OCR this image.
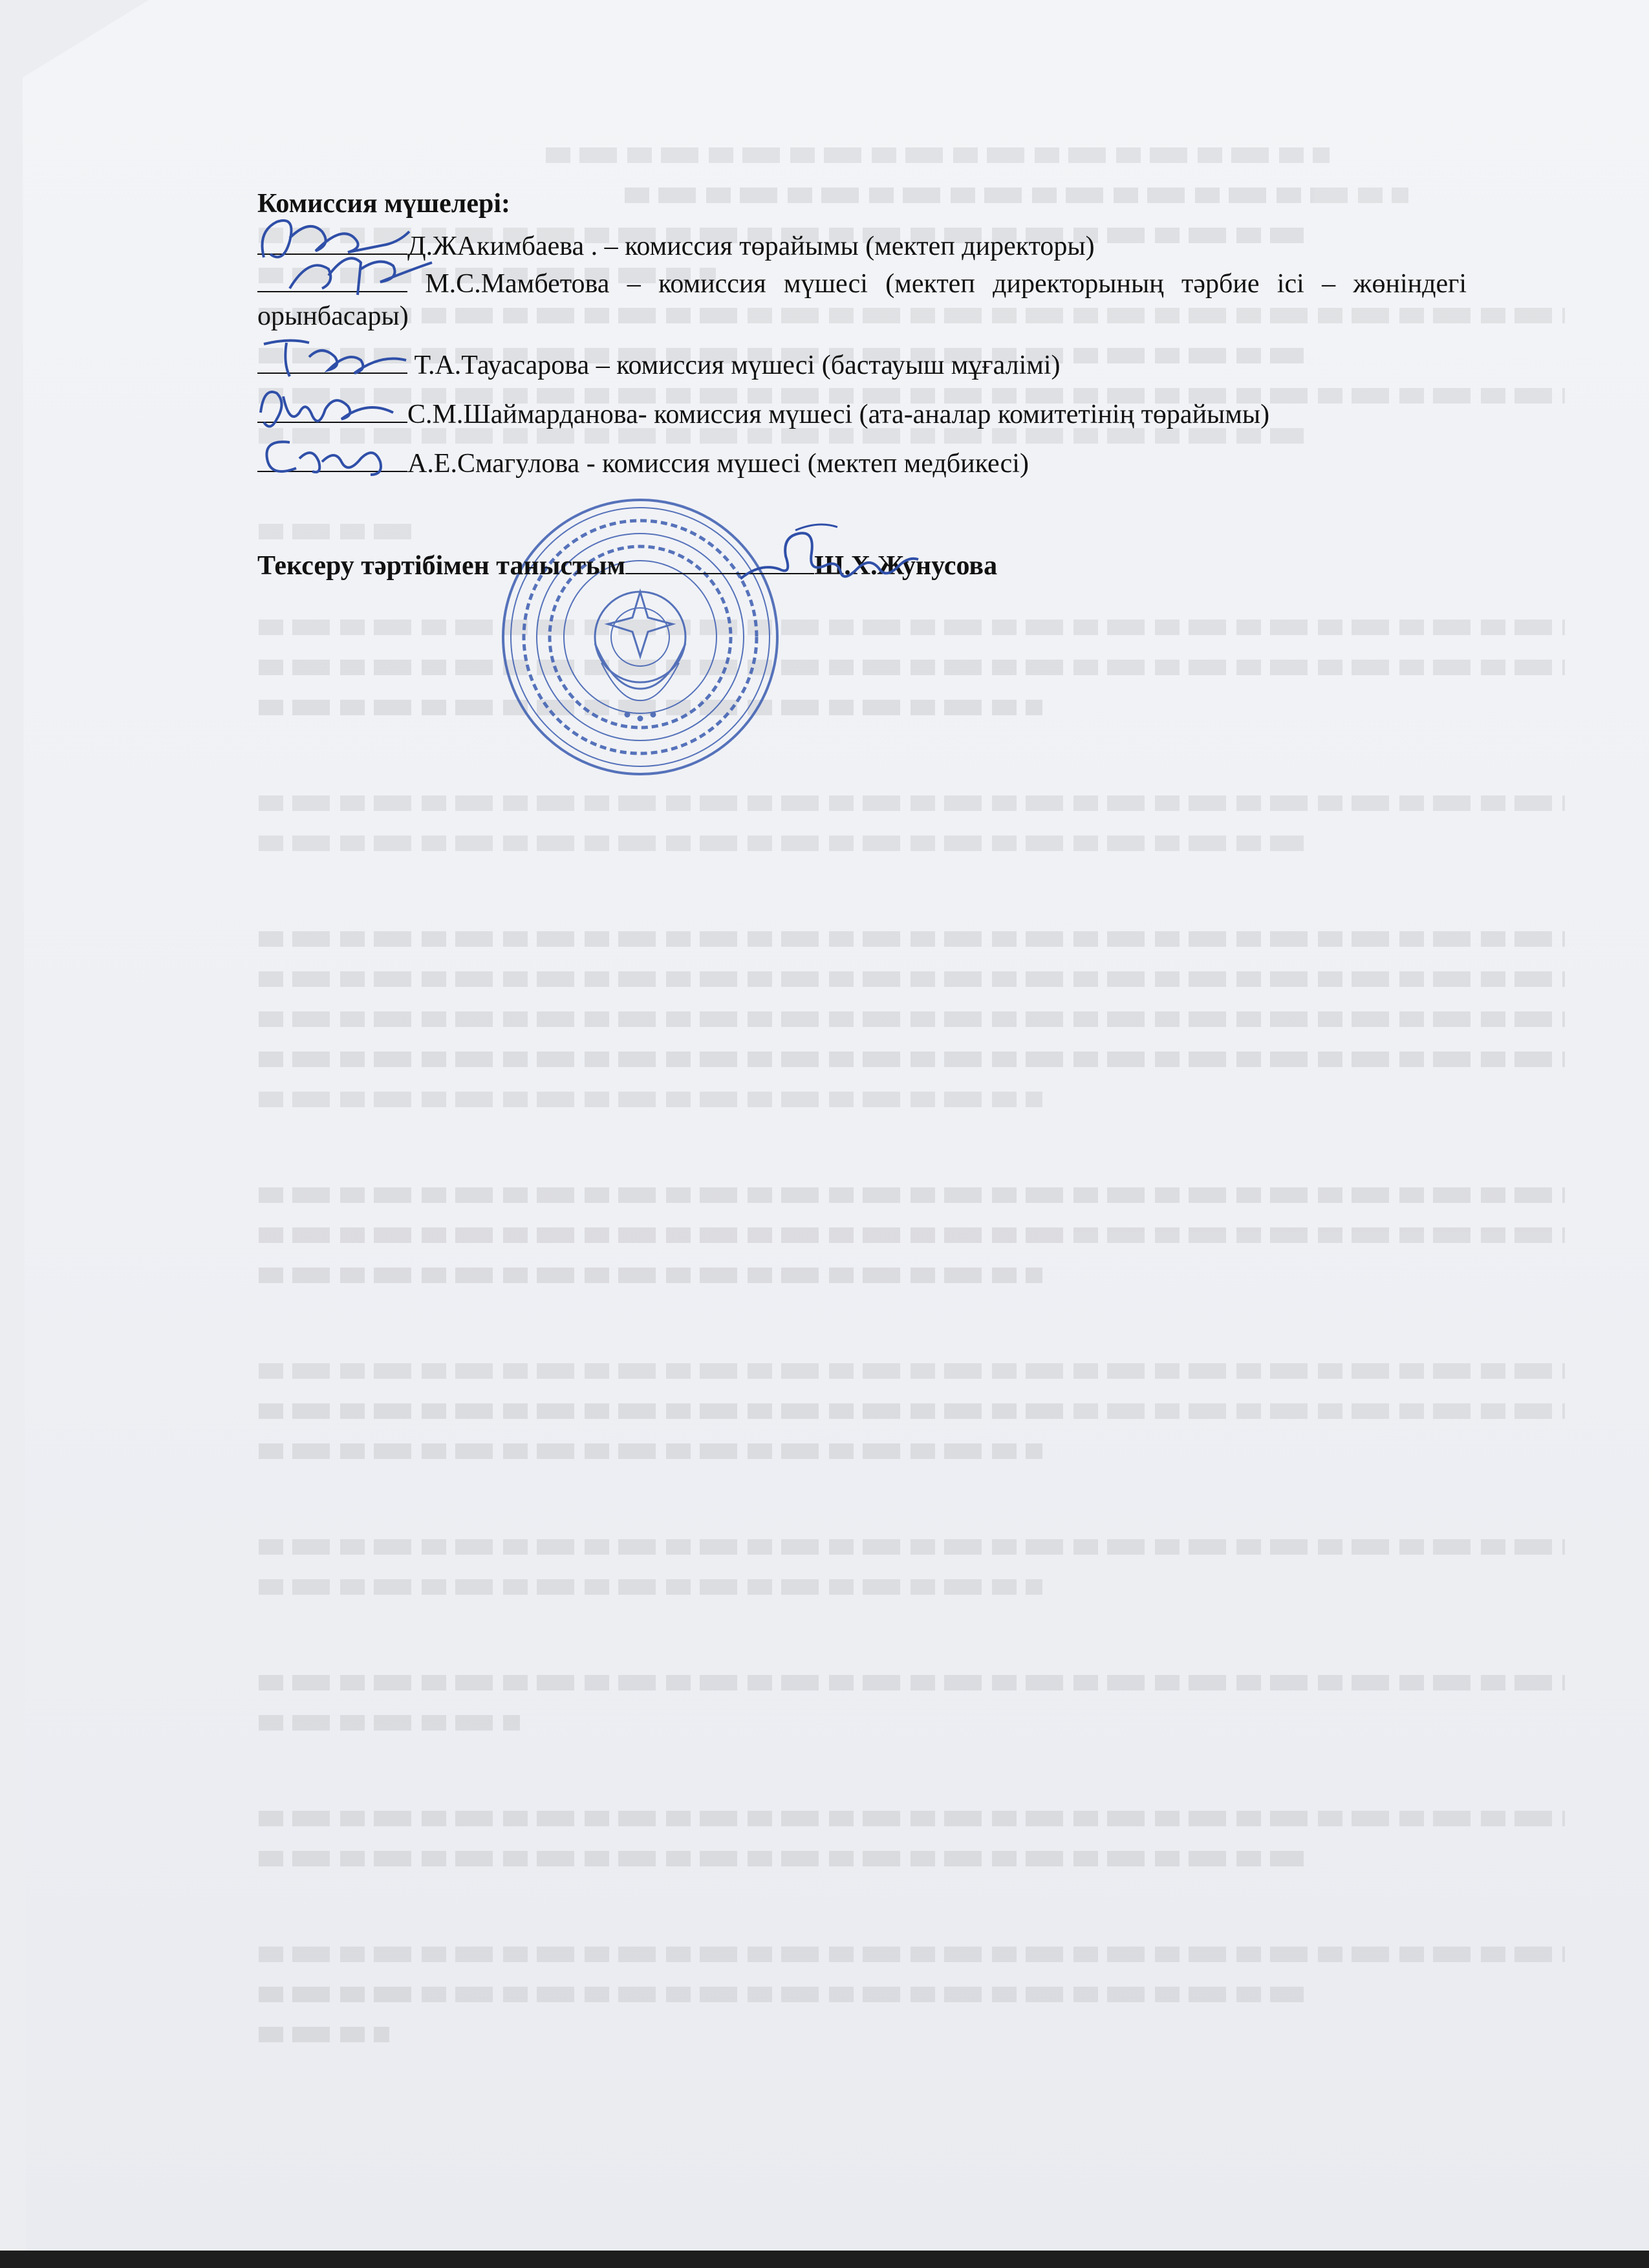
Комиссия мүшелері:
Д.ЖАкимбаева . – комиссия төрайымы (мектеп директоры)
М.С.Мамбетова – комиссия мүшесі (мектеп директорының тәрбие ісі – жөніндегі орынбасары)
Т.А.Тауасарова – комиссия мүшесі (бастауыш мұғалімі)
С.М.Шаймарданова- комиссия мүшесі (ата-аналар комитетінің төрайымы)
А.Е.Смагулова - комиссия мүшесі (мектеп медбикесі)
Тексеру тәртібімен таныстым	Ш.Х.Жунусова
